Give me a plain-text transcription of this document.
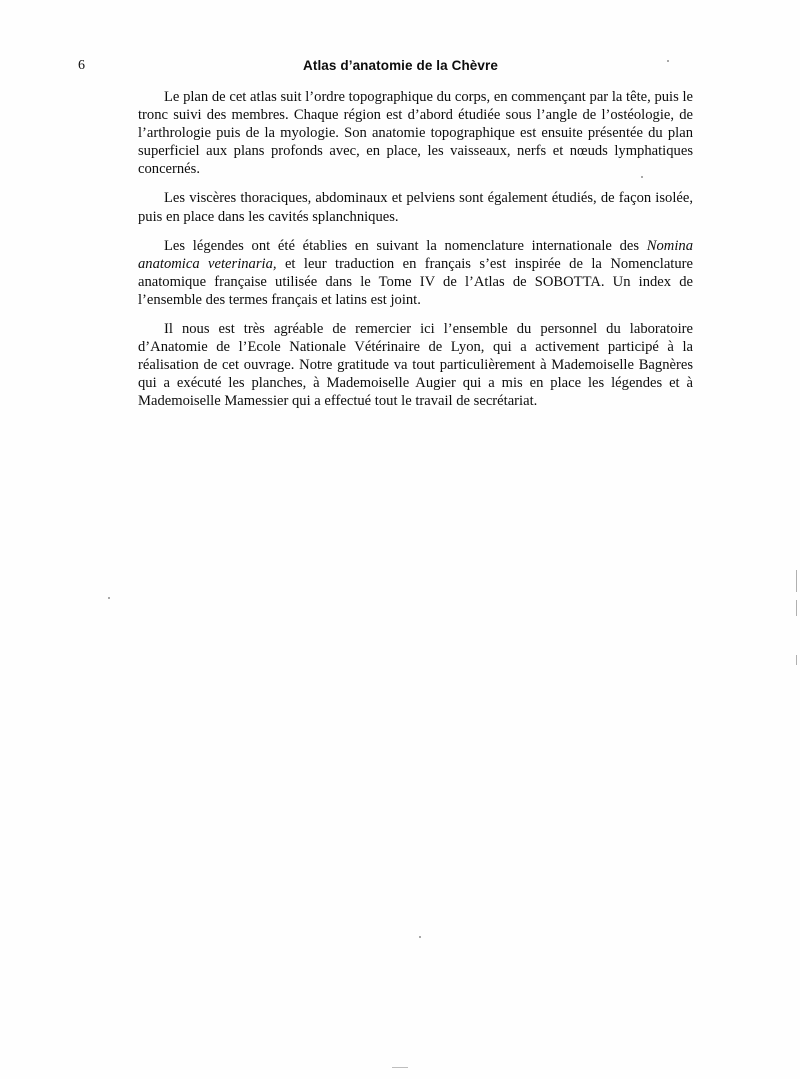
6	Atlas d’anatomie de la Chèvre

Le plan de cet atlas suit l’ordre topographique du corps, en commençant par la tête, puis le tronc suivi des membres. Chaque région est d’abord étudiée sous l’angle de l’ostéologie, de l’arthrologie puis de la myologie. Son anatomie topographique est ensuite présentée du plan superficiel aux plans profonds avec, en place, les vaisseaux, nerfs et nœuds lymphatiques concernés.

Les viscères thoraciques, abdominaux et pelviens sont également étudiés, de façon isolée, puis en place dans les cavités splanchniques.

Les légendes ont été établies en suivant la nomenclature internationale des Nomina anatomica veterinaria, et leur traduction en français s’est inspirée de la Nomenclature anatomique française utilisée dans le Tome IV de l’Atlas de SOBOTTA. Un index de l’ensemble des termes français et latins est joint.

Il nous est très agréable de remercier ici l’ensemble du personnel du laboratoire d’Anatomie de l’Ecole Nationale Vétérinaire de Lyon, qui a activement participé à la réalisation de cet ouvrage. Notre gratitude va tout particulièrement à Mademoiselle Bagnères qui a exécuté les planches, à Mademoiselle Augier qui a mis en place les légendes et à Mademoiselle Mamessier qui a effectué tout le travail de secrétariat.
